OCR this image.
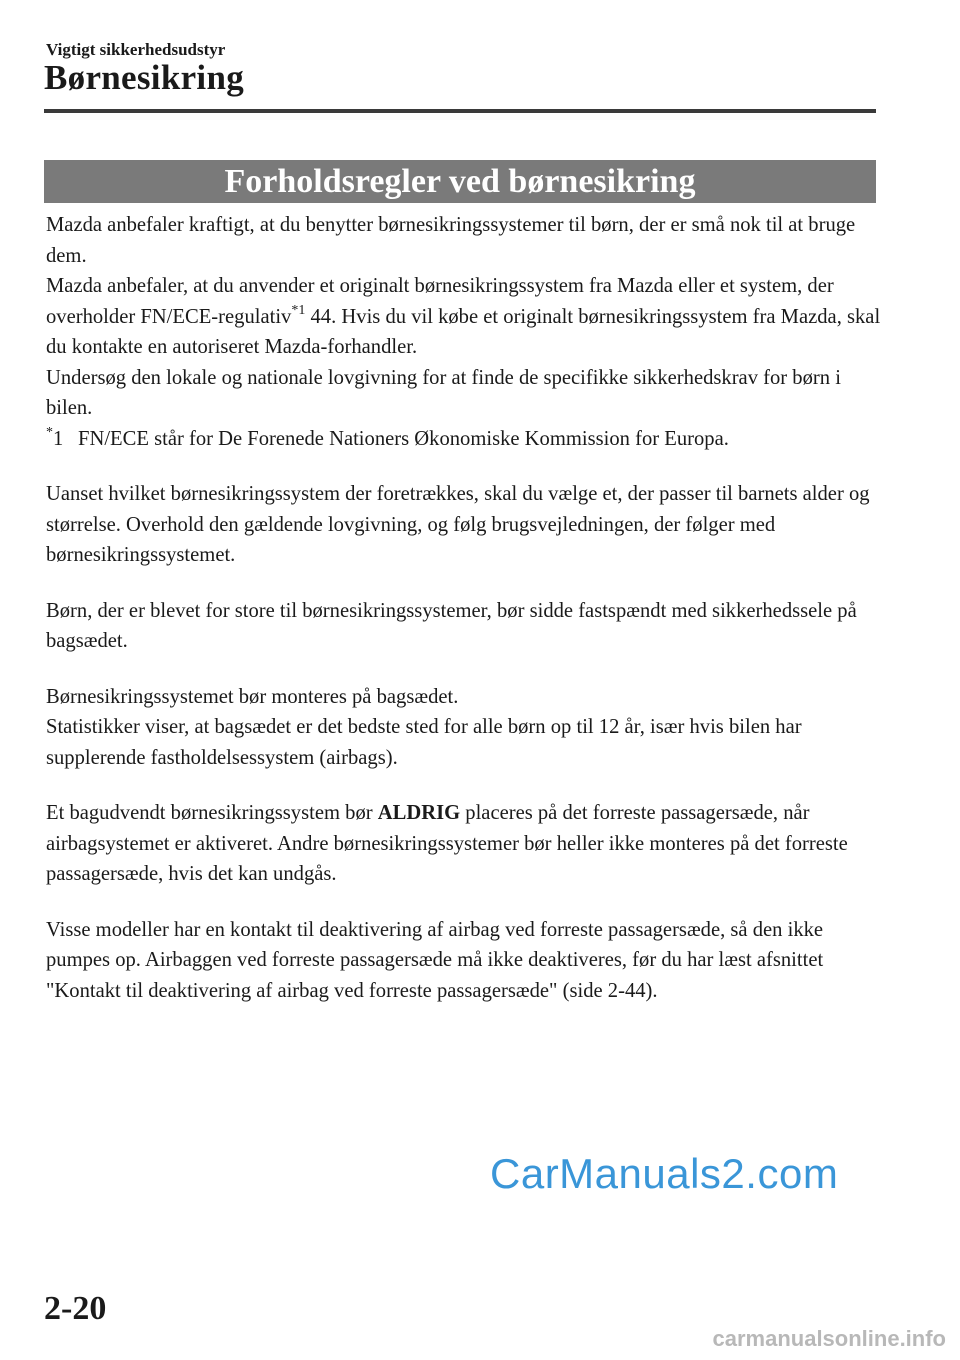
Vigtigt sikkerhedsudstyr
Børnesikring
Forholdsregler ved børnesikring

Mazda anbefaler kraftigt, at du benytter børnesikringssystemer til børn, der er små nok til at bruge dem.

Mazda anbefaler, at du anvender et originalt børnesikringssystem fra Mazda eller et system, der overholder FN/ECE-regulativ$^{*1}$ 44. Hvis du vil købe et originalt børnesikringssystem fra Mazda, skal du kontakte en autoriseret Mazda-forhandler.

Undersøg den lokale og nationale lovgivning for at finde de specifikke sikkerhedskrav for børn i bilen.

*1 FN/ECE står for De Forenede Nationers Økonomiske Kommission for Europa.

Uanset hvilket børnesikringssystem der foretrækkes, skal du vælge et, der passer til barnets alder og størrelse. Overhold den gældende lovgivning, og følg brugsvejledningen, der følger med børnesikringssystemet.

Børn, der er blevet for store til børnesikringssystemer, bør sidde fastspændt med sikkerhedssele på bagsædet.

Børnesikringssystemet bør monteres på bagsædet.

Statistikker viser, at bagsædet er det bedste sted for alle børn op til 12 år, især hvis bilen har supplerende fastholdelsessystem (airbags).

Et bagudvendt børnesikringssystem bør ALDRIG placeres på det forreste passagersæde, når airbagsystemet er aktiveret. Andre børnesikringssystemer bør heller ikke monteres på det forreste passagersæde, hvis det kan undgås.

Visse modeller har en kontakt til deaktivering af airbag ved forreste passagersæde, så den ikke pumpes op. Airbaggen ved forreste passagersæde må ikke deaktiveres, før du har læst afsnittet "Kontakt til deaktivering af airbag ved forreste passagersæde" (side 2-44).

CarManuals2.com
2-20
carmanualsonline.info
